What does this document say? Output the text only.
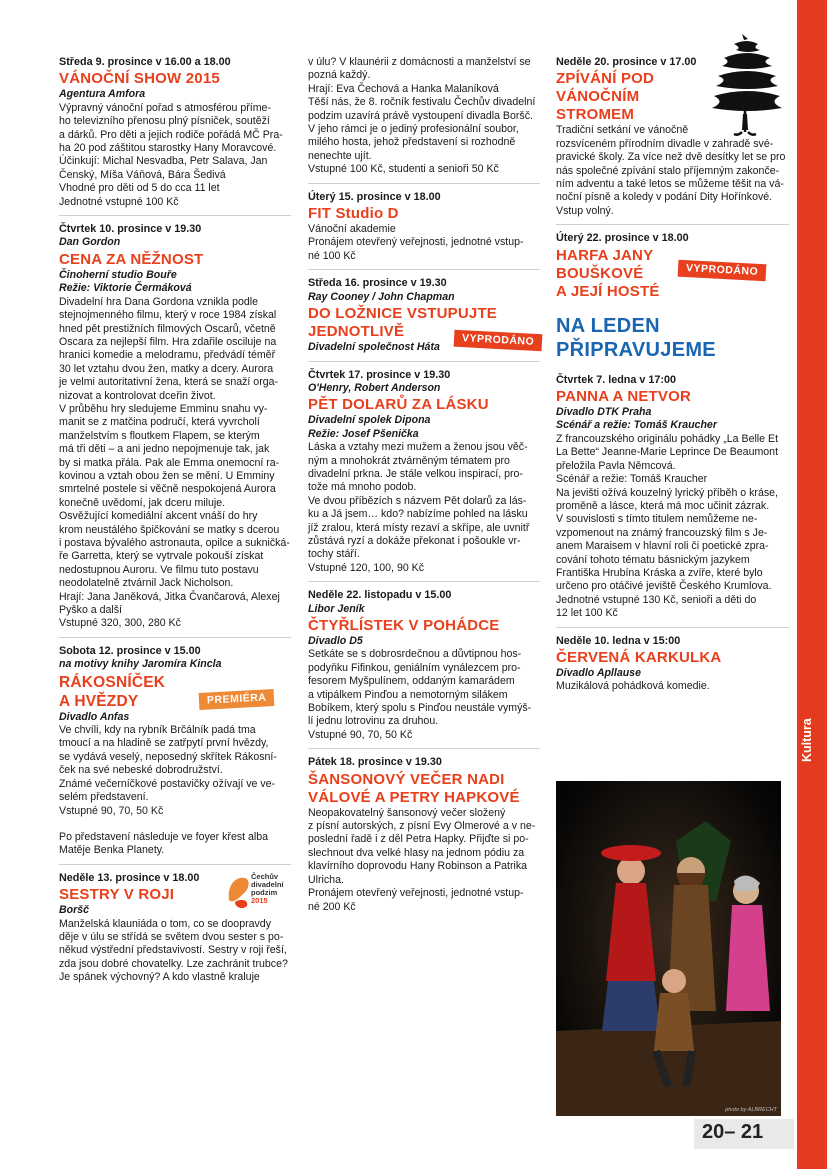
Středa 9. prosince v 16.00 a 18.00
VÁNOČNÍ SHOW 2015
Agentura Amfora

Výpravný vánoční pořad s atmosférou příme-

ho televizního přenosu plný písniček, soutěží

a dárků. Pro děti a jejich rodiče pořádá MČ Pra-

ha 20 pod záštitou starostky Hany Moravcové.

Účinkují: Michal Nesvadba, Petr Salava, Jan

Čenský, Míša Váňová, Bára Šedivá

Vhodné pro děti od 5 do cca 11 let

Jednotné vstupné 100 Kč

Čtvrtek 10. prosince v 19.30
Dan Gordon
CENA ZA NĚŽNOST
Činoherní studio Bouře
Režie: Viktorie Čermáková

Divadelní hra Dana Gordona vznikla podle

stejnojmenného filmu, který v roce 1984 získal

hned pět prestižních filmových Oscarů, včetně

Oscara za nejlepší film. Hra zdařile osciluje na

hranici komedie a melodramu, předvádí téměř

30 let vztahu dvou žen, matky a dcery. Aurora

je velmi autoritativní žena, která se snaží orga-

nizovat a kontrolovat dceřin život.

V průběhu hry sledujeme Emminu snahu vy-

manit se z matčina područí, která vyvrcholí

manželstvím s floutkem Flapem, se kterým

má tři děti – a ani jedno nepojmenuje tak, jak

by si matka přála. Pak ale Emma onemocní ra-

kovinou a vztah obou žen se mění. U Emminy

smrtelné postele si věčně nespokojená Aurora

konečně uvědomí, jak dceru miluje.

Osvěžující komediální akcent vnáší do hry

krom neustálého špičkování se matky s dcerou

i postava bývalého astronauta, opilce a sukničká-

ře Garretta, který se vytrvale pokouší získat

nedostupnou Auroru. Ve filmu tuto postavu

neodolatelně ztvárnil Jack Nicholson.

Hrají: Jana Janěková, Jitka Čvančarová, Alexej

Pyško a další

Vstupné 320, 300, 280 Kč

Sobota 12. prosince v 15.00
na motivy knihy Jaromíra Kincla
RÁKOSNÍČEK
A HVĚZDY	PREMIÉRA
Divadlo Anfas

Ve chvíli, kdy na rybník Brčálník padá tma

tmoucí a na hladině se zatřpytí první hvězdy,

se vydává veselý, neposedný skřítek Rákosní-

ček na své nebeské dobrodružství.

Známé večerníčkové postavičky ožívají ve ve-

selém představení.

Vstupné 90, 70, 50 Kč

Po představení následuje ve foyer křest alba

Matěje Benka Planety.

Neděle 13. prosince v 18.00
SESTRY V ROJI
Boršč
Čechův
divadelní
podzim
2015

Manželská klauniáda o tom, co se doopravdy

děje v úlu se střídá se světem dvou sester s po-

někud výstřední představivostí. Sestry v roji řeší,

zda jsou dobré chovatelky. Lze zachránit trubce?

Je spánek výchovný? A kdo vlastně kraluje

v úlu? V klaunérii z domácnosti a manželství se

pozná každý.

Hrají: Eva Čechová a Hanka Malaníková

Těší nás, že 8. ročník festivalu Čechův divadelní

podzim uzavírá právě vystoupení divadla Boršč.

V jeho rámci je o jediný profesionální soubor,

milého hosta, jehož představení si rozhodně

nenechte ujít.

Vstupné 100 Kč, studenti a senioři 50 Kč

Úterý 15. prosince v 18.00
FIT Studio D

Vánoční akademie

Pronájem otevřený veřejnosti, jednotné vstup-

né 100 Kč

Středa 16. prosince v 19.30
Ray Cooney / John Chapman
DO LOŽNICE VSTUPUJTE
JEDNOTLIVĚ
VYPRODÁNO
Divadelní společnost Háta
Čtvrtek 17. prosince v 19.30
O'Henry, Robert Anderson
PĚT DOLARŮ ZA LÁSKU
Divadelní spolek Dipona
Režie: Josef Pšenička

Láska a vztahy mezi mužem a ženou jsou věč-

ným a mnohokrát ztvárněným tématem pro

divadelní prkna. Je stále velkou inspirací, pro-

tože má mnoho podob.

Ve dvou příbězích s názvem Pět dolarů za lás-

ku a Já jsem… kdo? nabízíme pohled na lásku

jíž zralou, která místy rezaví a skřípe, ale uvnitř

zůstává ryzí a dokáže překonat i pošoukle vr-

tochy stáří.

Vstupné 120, 100, 90 Kč

Neděle 22. listopadu v 15.00
Libor Jeník
ČTYŘLÍSTEK V POHÁDCE
Divadlo D5

Setkáte se s dobrosrdečnou a důvtipnou hos-

podyňku Fifinkou, geniálním vynálezcem pro-

fesorem Myšpulínem, oddaným kamarádem

a vtipálkem Pinďou a nemotorným silákem

Bobíkem, který spolu s Pinďou neustále vymýš-

lí jednu lotrovinu za druhou.

Vstupné 90, 70, 50 Kč

Pátek 18. prosince v 19.30
ŠANSONOVÝ VEČER NADI
VÁLOVÉ A PETRY HAPKOVÉ

Neopakovatelný šansonový večer složený

z písní autorských, z písní Evy Olmerové a v ne-

poslední řadě i z děl Petra Hapky. Přijďte si po-

slechnout dva velké hlasy na jednom pódiu za

klavírního doprovodu Hany Robinson a Patrika

Ulricha.

Pronájem otevřený veřejnosti, jednotné vstup-

né 200 Kč

Neděle 20. prosince v 17.00
ZPÍVÁNÍ POD
VÁNOČNÍM
STROMEM

Tradiční setkání ve vánočně

rozsvíceném přírodním divadle v zahradě své-

pravické školy. Za více než dvě desítky let se pro

nás společné zpívání stalo příjemným zakonče-

ním adventu a také letos se můžeme těšit na vá-

noční písně a koledy v podání Dity Hořínkové.

Vstup volný.

Úterý 22. prosince v 18.00
HARFA JANY
BOUŠKOVÉ
A JEJÍ HOSTÉ
VYPRODÁNO
NA LEDEN
PŘIPRAVUJEME
Čtvrtek 7. ledna v 17:00
PANNA A NETVOR
Divadlo DTK Praha
Scénář a režie: Tomáš Kraucher

Z francouzského originálu pohádky „La Belle Et

La Bette“ Jeanne-Marie Leprince De Beaumont

přeložila Pavla Němcová.

Scénář a režie: Tomáš Kraucher

Na jevišti ožívá kouzelný lyrický příběh o kráse,

proměně a lásce, která má moc učinit zázrak.

V souvislosti s tímto titulem nemůžeme ne-

vzpomenout na známý francouzský film s Je-

anem Maraisem v hlavní roli či poetické zpra-

cování tohoto tématu básnickým jazykem

Františka Hrubína Kráska a zvíře, které bylo

určeno pro otáčivé jeviště Českého Krumlova.

Jednotné vstupné 130 Kč, senioři a děti do

12 let 100 Kč

Neděle 10. ledna v 15:00
ČERVENÁ KARKULKA
Divadlo Apllause

Muzikálová pohádková komedie.

photo by ALBRECHT
Kultura
20– 21
